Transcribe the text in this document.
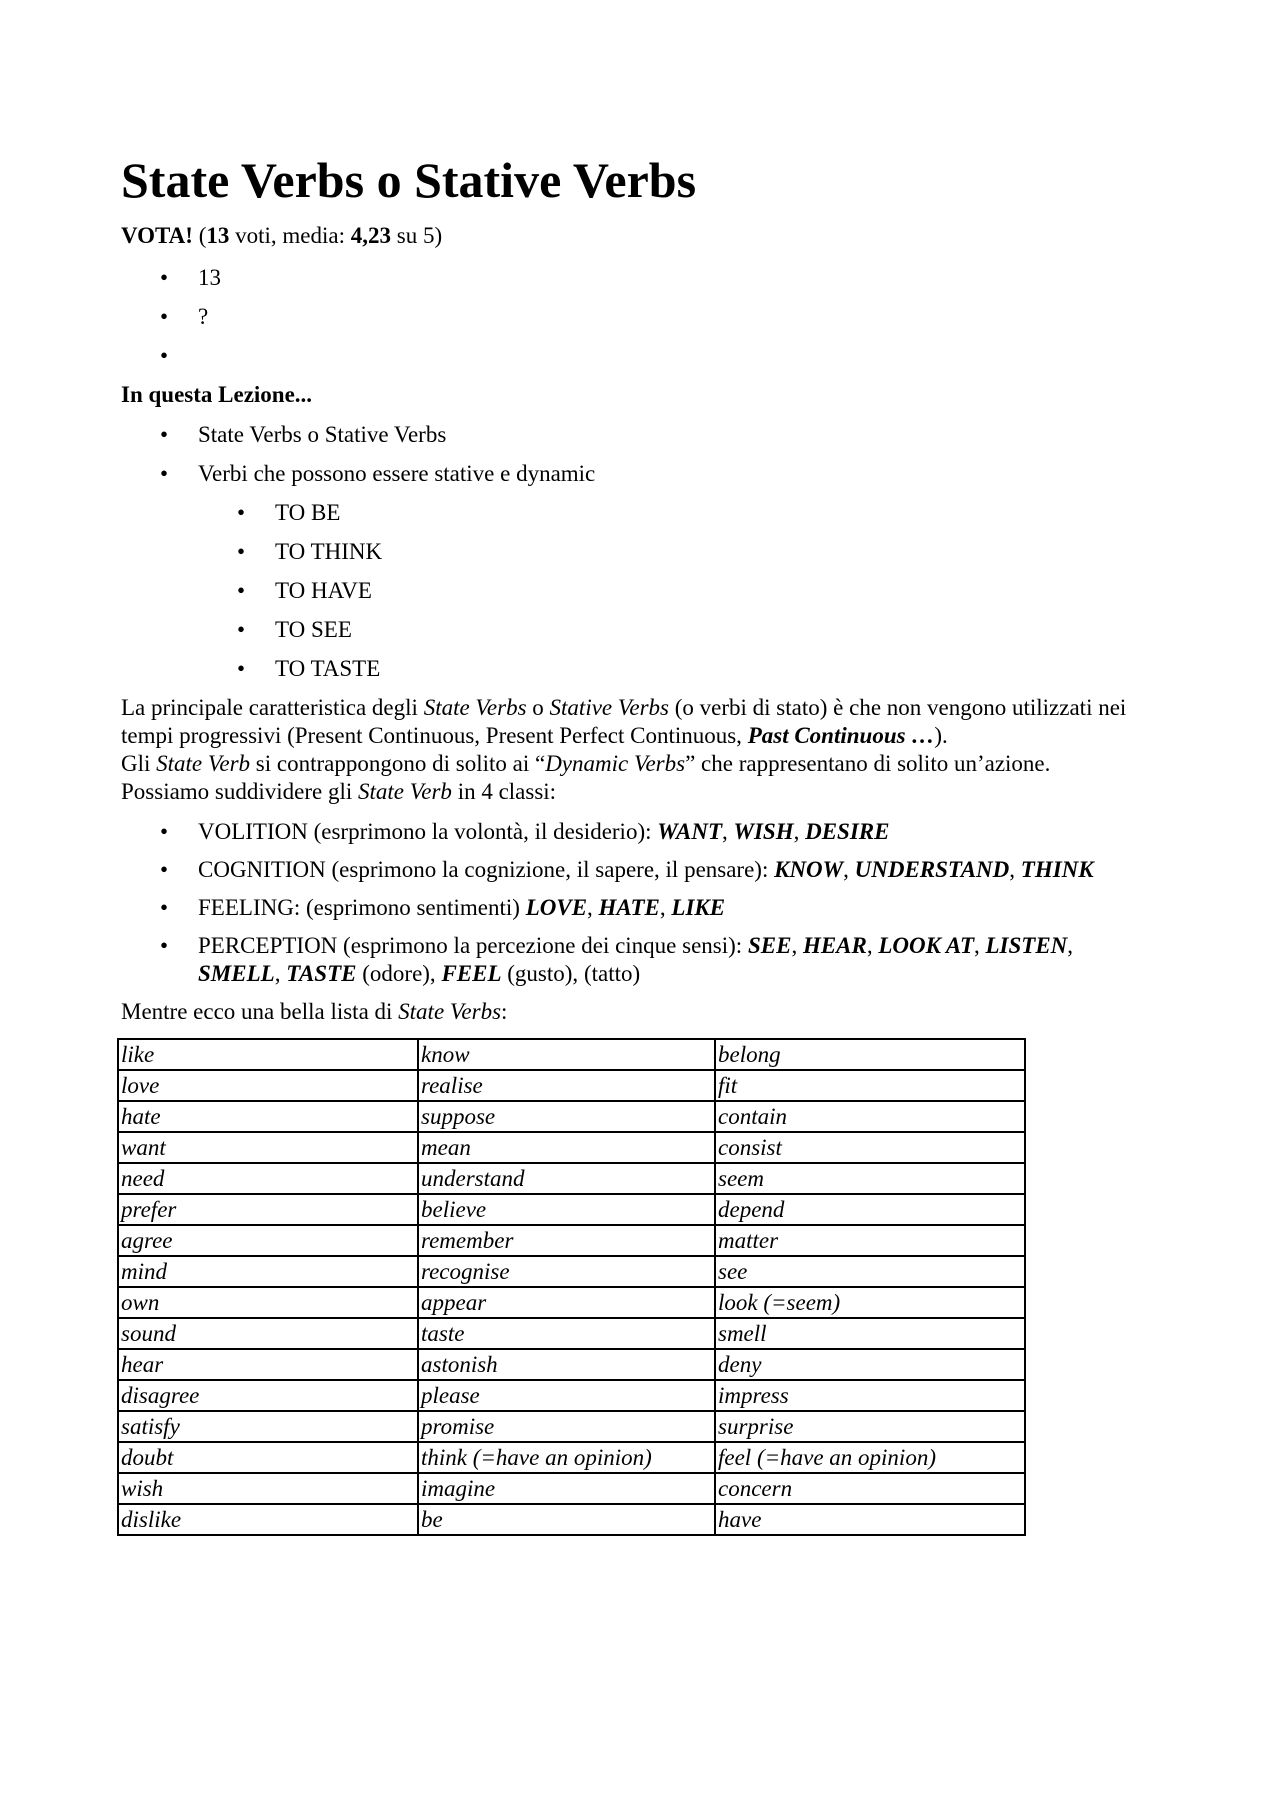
State Verbs o Stative Verbs

VOTA! (13 voti, media: 4,23 su 5)

• 13
• ?
•

In questa Lezione...

• State Verbs o Stative Verbs
• Verbi che possono essere stative e dynamic
• TO BE
• TO THINK
• TO HAVE
• TO SEE
• TO TASTE

La principale caratteristica degli State Verbs o Stative Verbs (o verbi di stato) è che non vengono utilizzati nei tempi progressivi (Present Continuous, Present Perfect Continuous, Past Continuous …).

Gli State Verb si contrappongono di solito ai “Dynamic Verbs” che rappresentano di solito un’azione.

Possiamo suddividere gli State Verb in 4 classi:

• VOLITION (esrprimono la volontà, il desiderio): WANT, WISH, DESIRE
• COGNITION (esprimono la cognizione, il sapere, il pensare): KNOW, UNDERSTAND, THINK
• FEELING: (esprimono sentimenti) LOVE, HATE, LIKE
• PERCEPTION (esprimono la percezione dei cinque sensi): SEE, HEAR, LOOK AT, LISTEN, SMELL, TASTE (odore), FEEL (gusto), (tatto)

Mentre ecco una bella lista di State Verbs:

like	know	belong
love	realise	fit
hate	suppose	contain
want	mean	consist
need	understand	seem
prefer	believe	depend
agree	remember	matter
mind	recognise	see
own	appear	look (=seem)
sound	taste	smell
hear	astonish	deny
disagree	please	impress
satisfy	promise	surprise
doubt	think (=have an opinion)	feel (=have an opinion)
wish	imagine	concern
dislike	be	have
